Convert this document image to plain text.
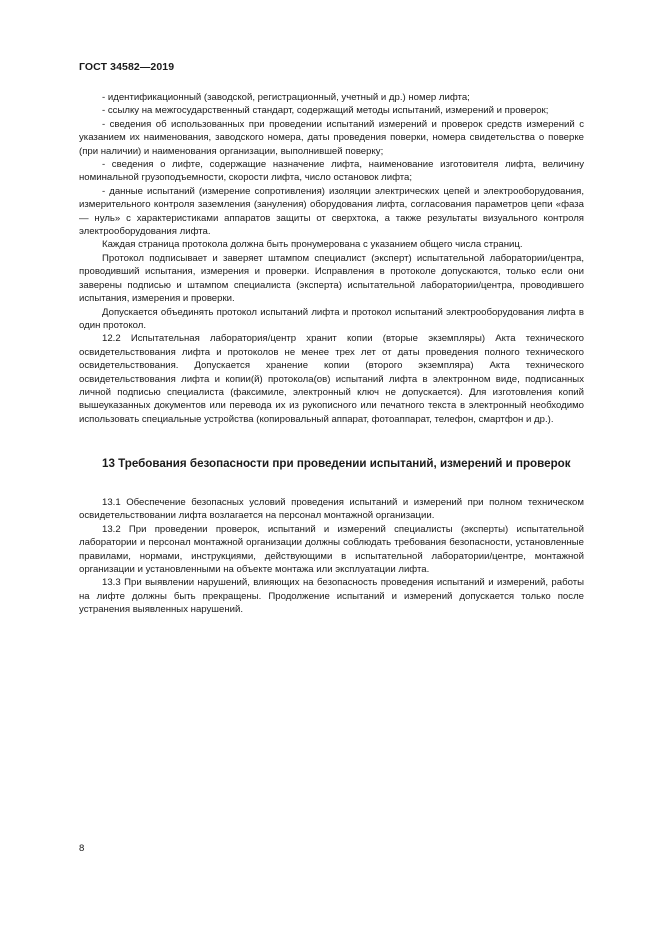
ГОСТ 34582—2019

- идентификационный (заводской, регистрационный, учетный и др.) номер лифта;

- ссылку на межгосударственный стандарт, содержащий методы испытаний, измерений и проверок;

- сведения об использованных при проведении испытаний измерений и проверок средств измерений с указанием их наименования, заводского номера, даты проведения поверки, номера свидетельства о поверке (при наличии) и наименования организации, выполнившей поверку;

- сведения о лифте, содержащие назначение лифта, наименование изготовителя лифта, величину номинальной грузоподъемности, скорости лифта, число остановок лифта;

- данные испытаний (измерение сопротивления) изоляции электрических цепей и электрооборудования, измерительного контроля заземления (зануления) оборудования лифта, согласования параметров цепи «фаза — нуль» с характеристиками аппаратов защиты от сверхтока, а также результаты визуального контроля электрооборудования лифта.

Каждая страница протокола должна быть пронумерована с указанием общего числа страниц.

Протокол подписывает и заверяет штампом специалист (эксперт) испытательной лаборатории/центра, проводивший испытания, измерения и проверки. Исправления в протоколе допускаются, только если они заверены подписью и штампом специалиста (эксперта) испытательной лаборатории/центра, проводившего испытания, измерения и проверки.

Допускается объединять протокол испытаний лифта и протокол испытаний электрооборудования лифта в один протокол.

12.2 Испытательная лаборатория/центр хранит копии (вторые экземпляры) Акта технического освидетельствования лифта и протоколов не менее трех лет от даты проведения полного технического освидетельствования. Допускается хранение копии (второго экземпляра) Акта технического освидетельствования лифта и копии(й) протокола(ов) испытаний лифта в электронном виде, подписанных личной подписью специалиста (факсимиле, электронный ключ не допускается). Для изготовления копий вышеуказанных документов или перевода их из рукописного или печатного текста в электронный необходимо использовать специальные устройства (копировальный аппарат, фотоаппарат, телефон, смартфон и др.).

13 Требования безопасности при проведении испытаний, измерений и проверок

13.1 Обеспечение безопасных условий проведения испытаний и измерений при полном техническом освидетельствовании лифта возлагается на персонал монтажной организации.

13.2 При проведении проверок, испытаний и измерений специалисты (эксперты) испытательной лаборатории и персонал монтажной организации должны соблюдать требования безопасности, установленные правилами, нормами, инструкциями, действующими в испытательной лаборатории/центре, монтажной организации и установленными на объекте монтажа или эксплуатации лифта.

13.3 При выявлении нарушений, влияющих на безопасность проведения испытаний и измерений, работы на лифте должны быть прекращены. Продолжение испытаний и измерений допускается только после устранения выявленных нарушений.

8
